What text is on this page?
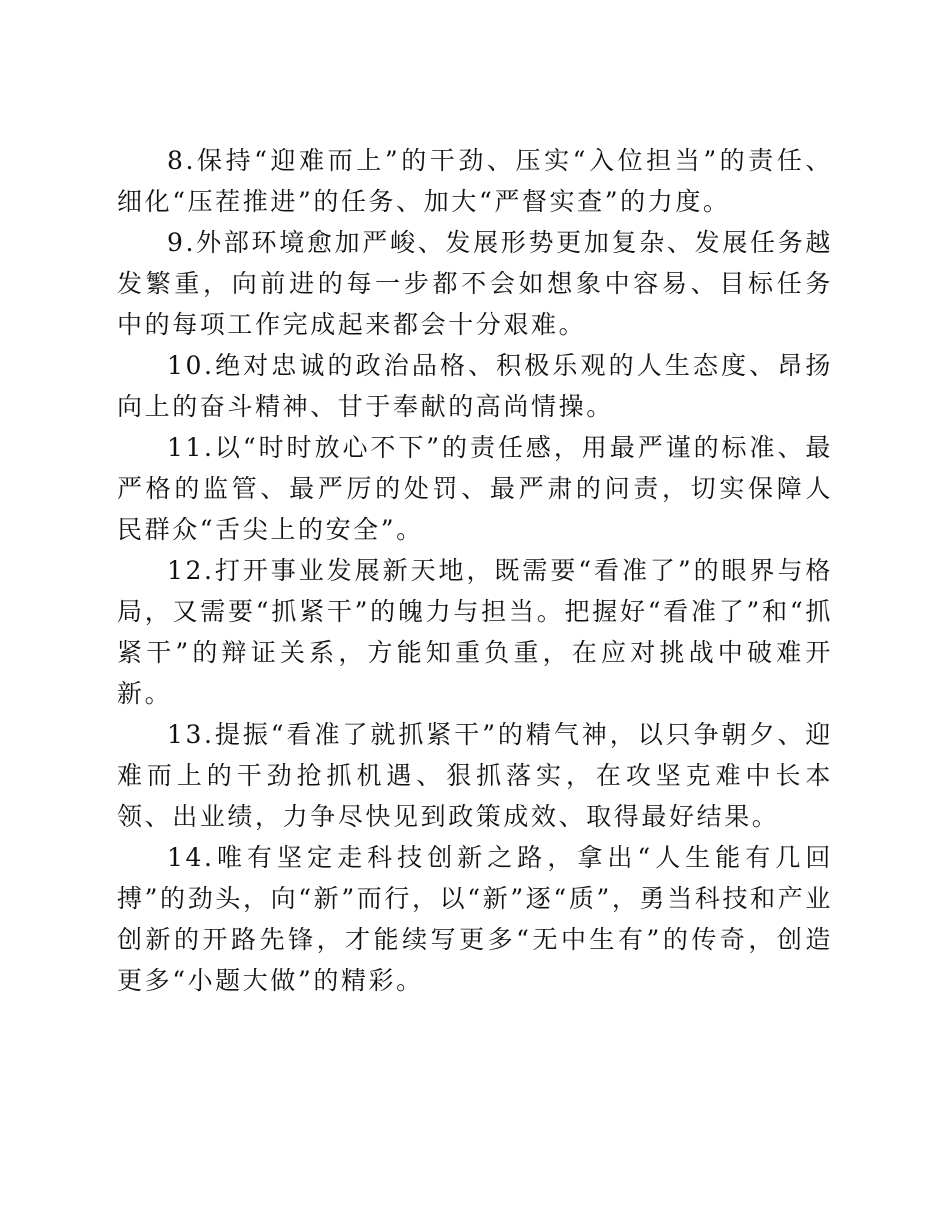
8.保持“迎难而上”的干劲、压实“入位担当”的责任、细化“压茬推进”的任务、加大“严督实查”的力度。

9.外部环境愈加严峻、发展形势更加复杂、发展任务越发繁重，向前进的每一步都不会如想象中容易、目标任务中的每项工作完成起来都会十分艰难。

10.绝对忠诚的政治品格、积极乐观的人生态度、昂扬向上的奋斗精神、甘于奉献的高尚情操。

11.以“时时放心不下”的责任感，用最严谨的标准、最严格的监管、最严厉的处罚、最严肃的问责，切实保障人民群众“舌尖上的安全”。

12.打开事业发展新天地，既需要“看准了”的眼界与格局，又需要“抓紧干”的魄力与担当。把握好“看准了”和“抓紧干”的辩证关系，方能知重负重，在应对挑战中破难开新。

13.提振“看准了就抓紧干”的精气神，以只争朝夕、迎难而上的干劲抢抓机遇、狠抓落实，在攻坚克难中长本领、出业绩，力争尽快见到政策成效、取得最好结果。

14.唯有坚定走科技创新之路，拿出“人生能有几回搏”的劲头，向“新”而行，以“新”逐“质”，勇当科技和产业创新的开路先锋，才能续写更多“无中生有”的传奇，创造更多“小题大做”的精彩。
